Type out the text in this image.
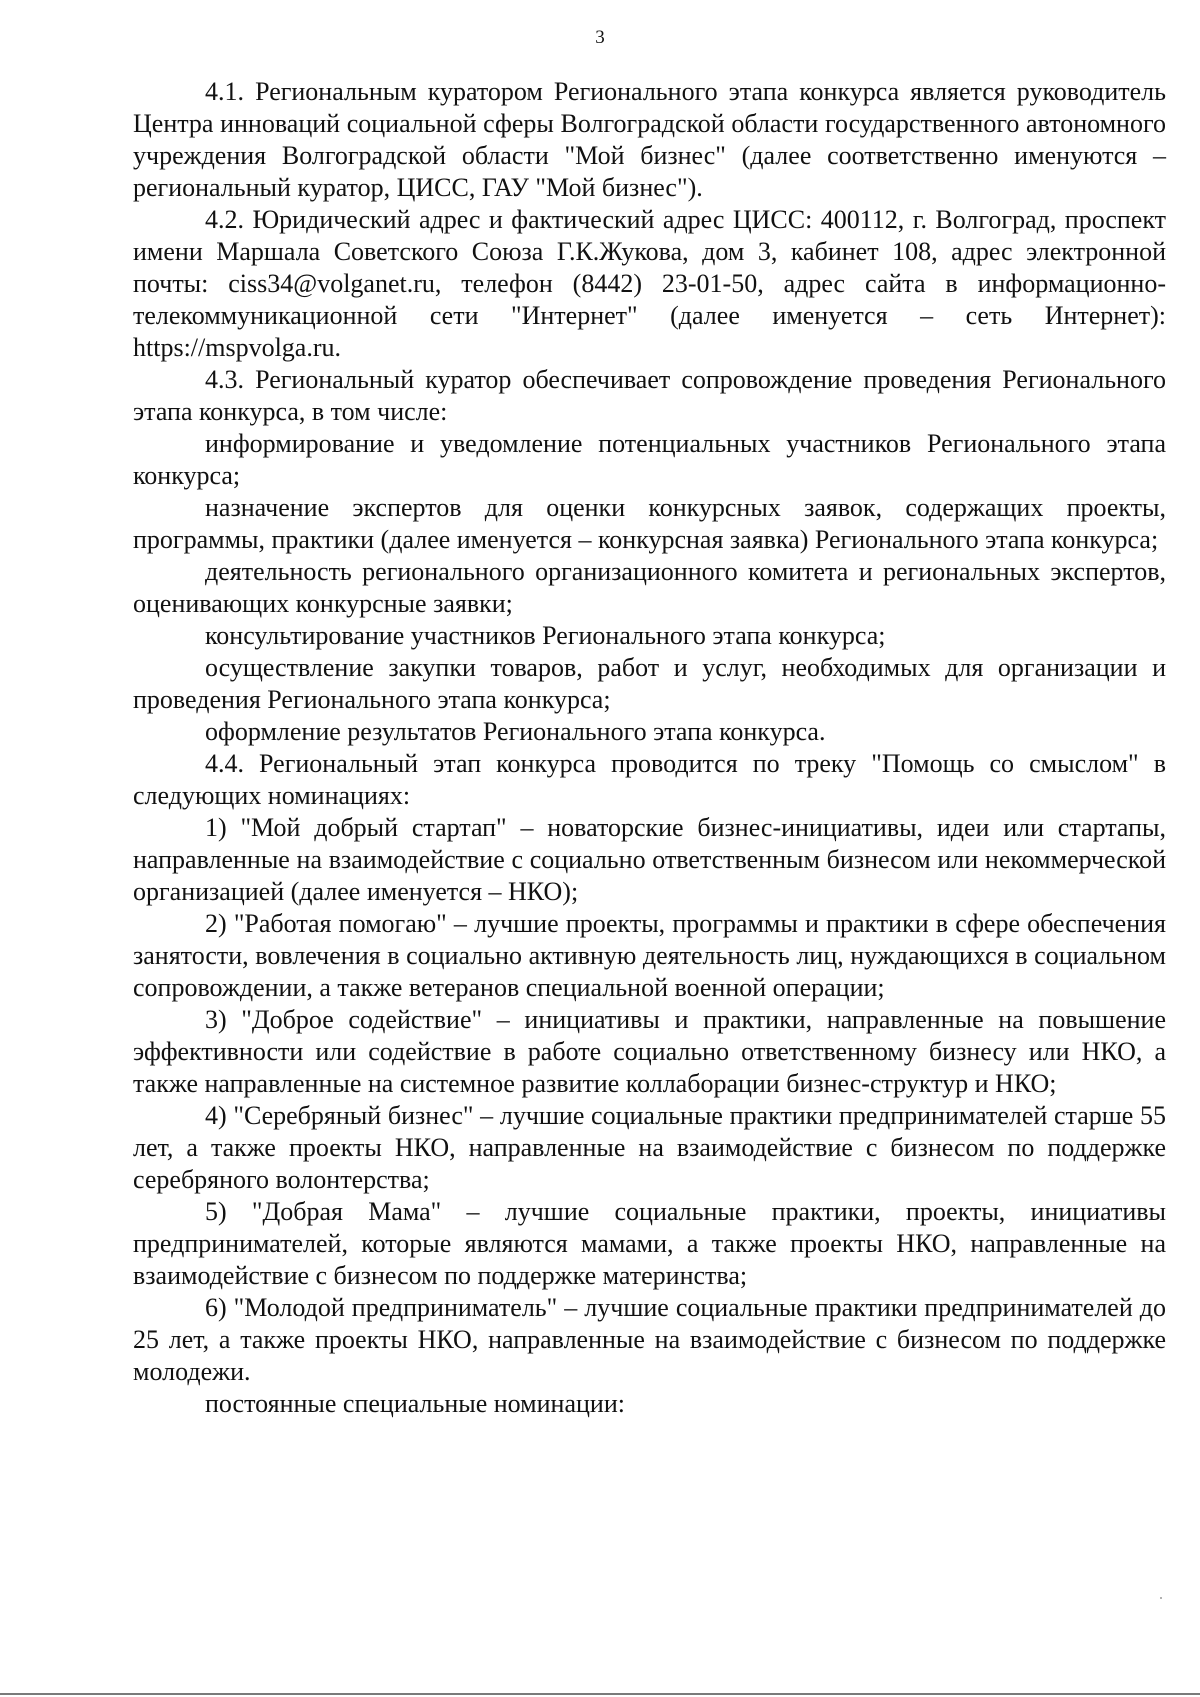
3

4.1. Региональным куратором Регионального этапа конкурса является руководитель Центра инноваций социальной сферы Волгоградской области государственного автономного учреждения Волгоградской области "Мой бизнес" (далее соответственно именуются – региональный куратор, ЦИСС, ГАУ "Мой бизнес").

4.2. Юридический адрес и фактический адрес ЦИСС: 400112, г. Волгоград, проспект имени Маршала Советского Союза Г.К.Жукова, дом 3, кабинет 108, адрес электронной почты: ciss34@volganet.ru, телефон (8442) 23-01-50, адрес сайта в информационно-телекоммуникационной сети "Интернет" (далее именуется – сеть Интернет): https://mspvolga.ru.

4.3. Региональный куратор обеспечивает сопровождение проведения Регионального этапа конкурса, в том числе:

информирование и уведомление потенциальных участников Регионального этапа конкурса;

назначение экспертов для оценки конкурсных заявок, содержащих проекты, программы, практики (далее именуется – конкурсная заявка) Регионального этапа конкурса;

деятельность регионального организационного комитета и региональных экспертов, оценивающих конкурсные заявки;

консультирование участников Регионального этапа конкурса;

осуществление закупки товаров, работ и услуг, необходимых для организации и проведения Регионального этапа конкурса;

оформление результатов Регионального этапа конкурса.

4.4. Региональный этап конкурса проводится по треку "Помощь со смыслом" в следующих номинациях:

1) "Мой добрый стартап" – новаторские бизнес-инициативы, идеи или стартапы, направленные на взаимодействие с социально ответственным бизнесом или некоммерческой организацией (далее именуется – НКО);

2) "Работая помогаю" – лучшие проекты, программы и практики в сфере обеспечения занятости, вовлечения в социально активную деятельность лиц, нуждающихся в социальном сопровождении, а также ветеранов специальной военной операции;

3) "Доброе содействие" – инициативы и практики, направленные на повышение эффективности или содействие в работе социально ответственному бизнесу или НКО, а также направленные на системное развитие коллаборации бизнес-структур и НКО;

4) "Серебряный бизнес" – лучшие социальные практики предпринимателей старше 55 лет, а также проекты НКО, направленные на взаимодействие с бизнесом по поддержке серебряного волонтерства;

5) "Добрая Мама" – лучшие социальные практики, проекты, инициативы предпринимателей, которые являются мамами, а также проекты НКО, направленные на взаимодействие с бизнесом по поддержке материнства;

6) "Молодой предприниматель" – лучшие социальные практики предпринимателей до 25 лет, а также проекты НКО, направленные на взаимодействие с бизнесом по поддержке молодежи.

постоянные специальные номинации:
